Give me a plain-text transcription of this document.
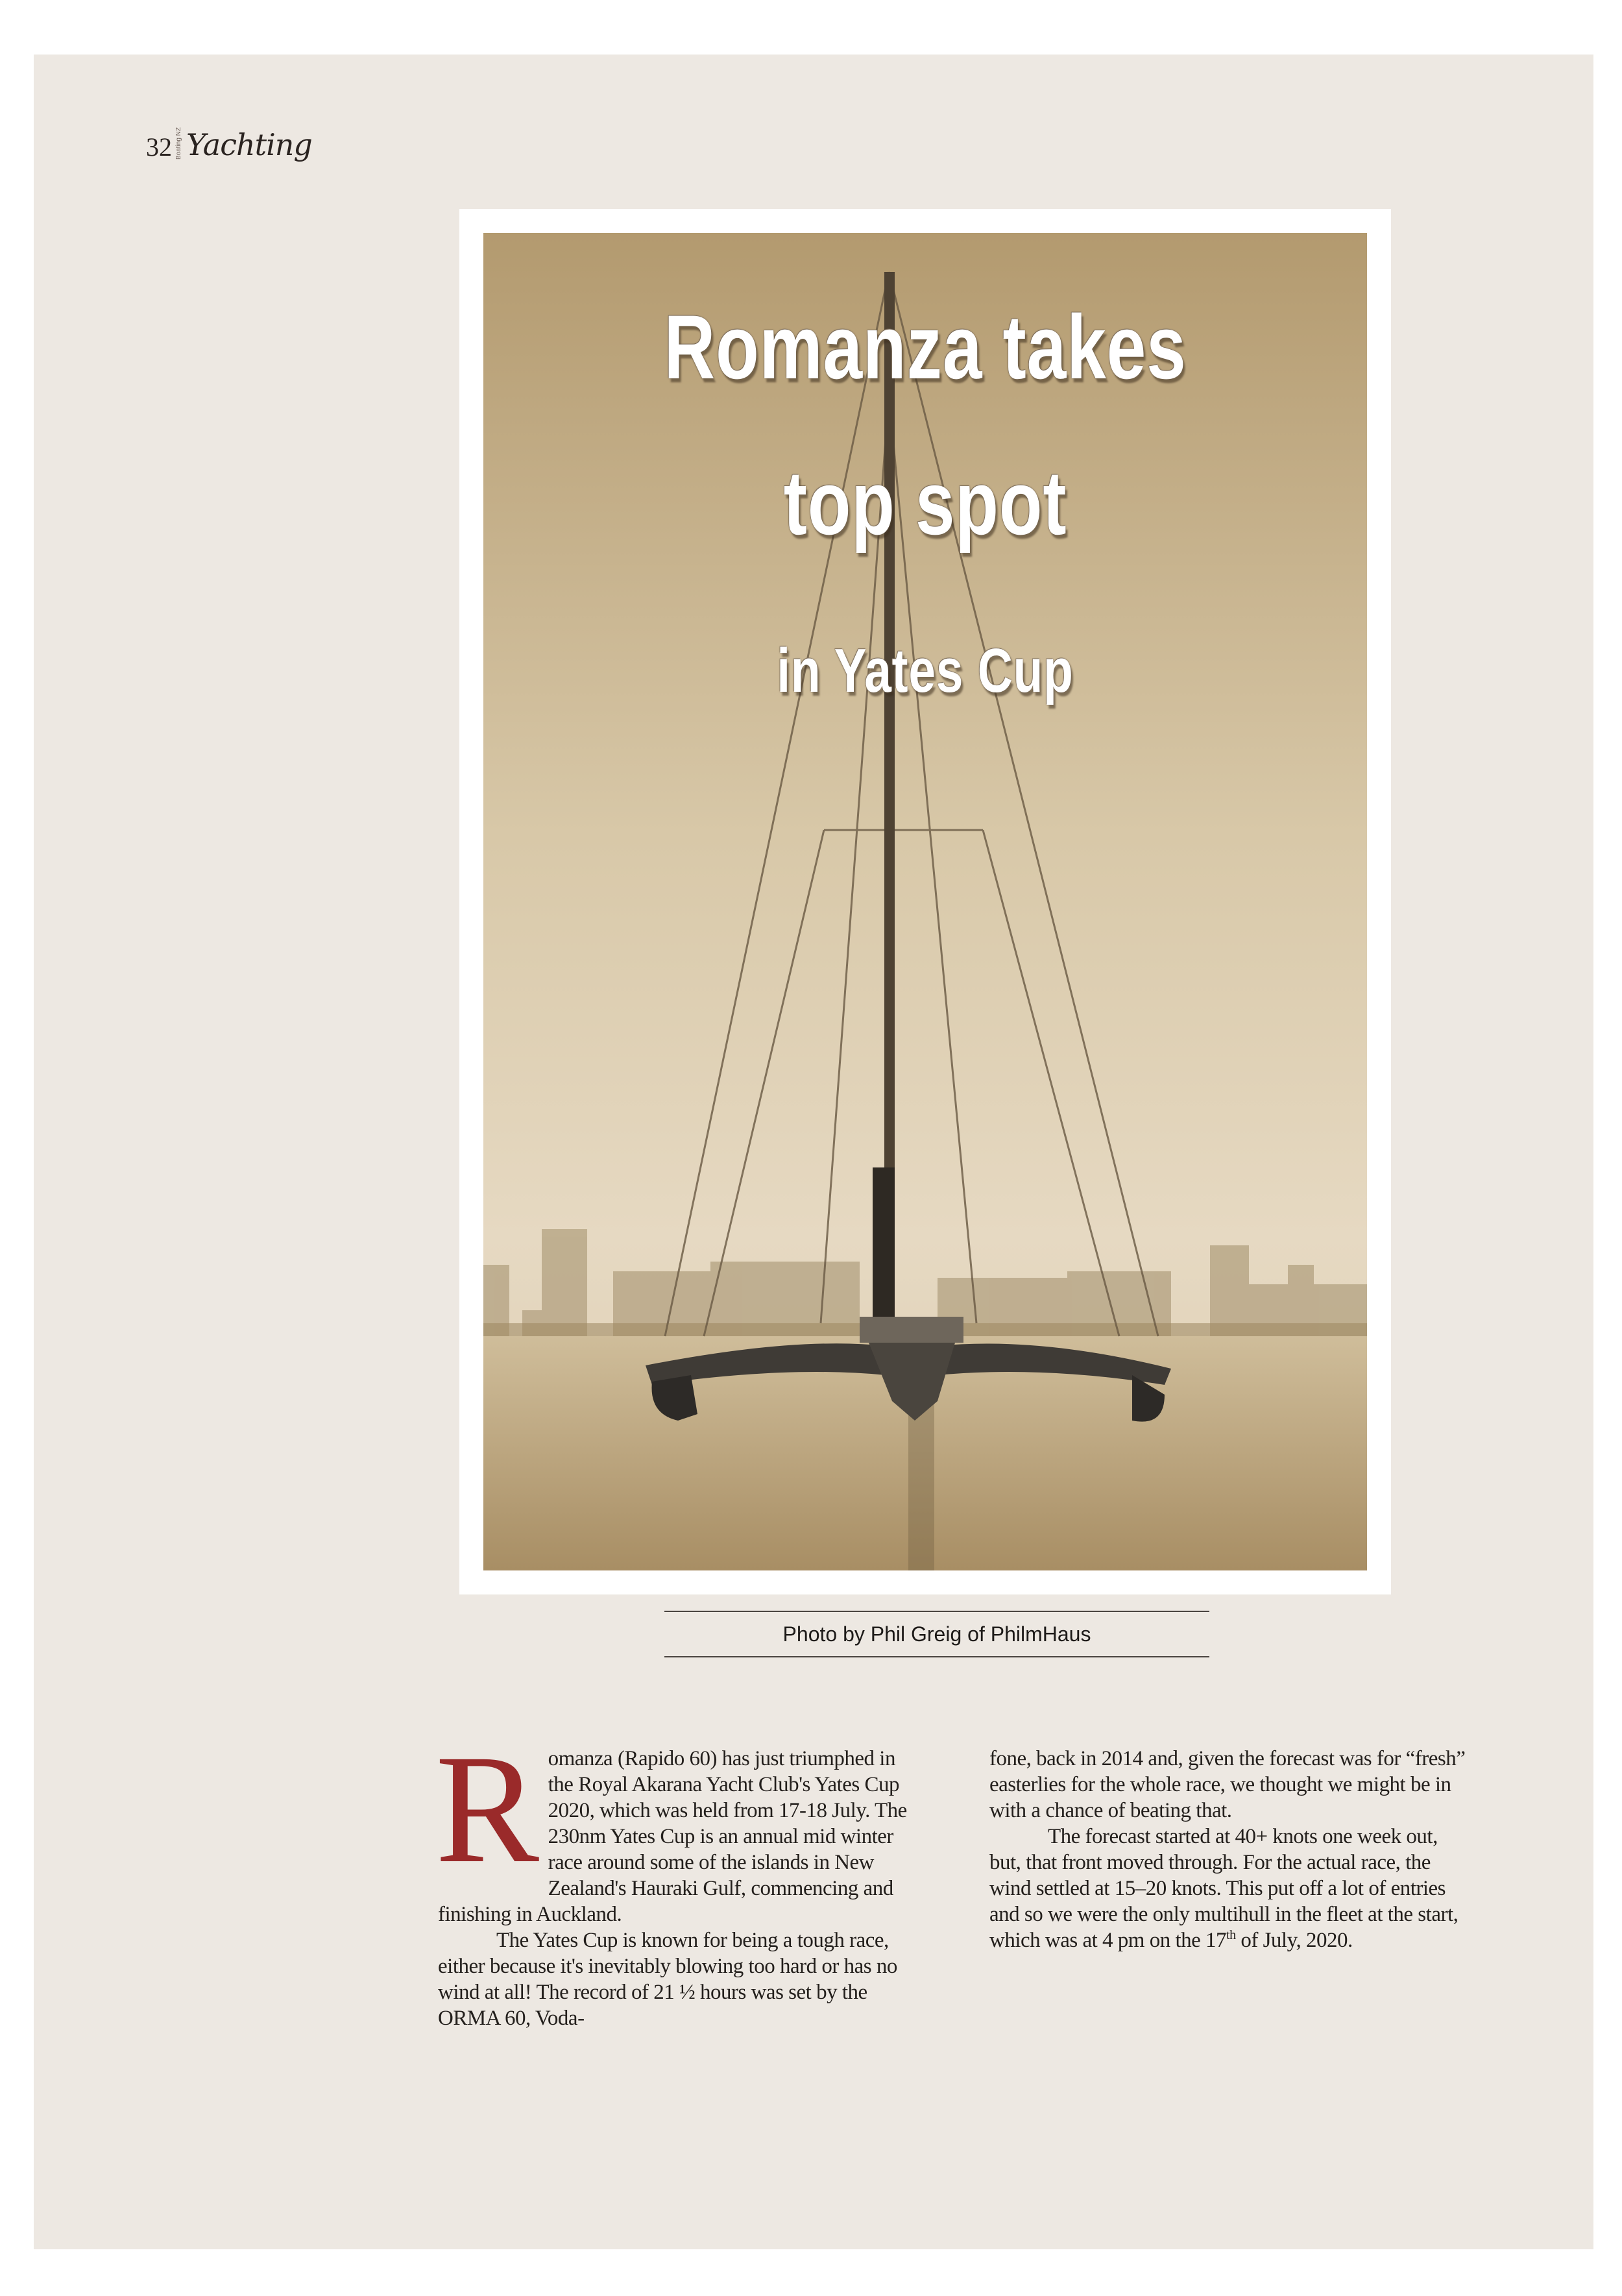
32 Boating NZ Yachting
Romanza takes
top spot
in Yates Cup
Photo by Phil Greig of PhilmHaus

Romanza (Rapido 60) has just triumphed in the Royal Akarana Yacht Club's Yates Cup 2020, which was held from 17-18 July. The 230nm Yates Cup is an annual mid winter race around some of the islands in New Zealand's Hauraki Gulf, commencing and finishing in Auckland.

The Yates Cup is known for being a tough race, either because it's inevitably blowing too hard or has no wind at all! The record of 21 ½ hours was set by the ORMA 60, Voda-

fone, back in 2014 and, given the forecast was for “fresh” easterlies for the whole race, we thought we might be in with a chance of beating that.

The forecast started at 40+ knots one week out, but, that front moved through. For the actual race, the wind settled at 15–20 knots. This put off a lot of entries and so we were the only multihull in the fleet at the start, which was at 4 pm on the 17th of July, 2020.
